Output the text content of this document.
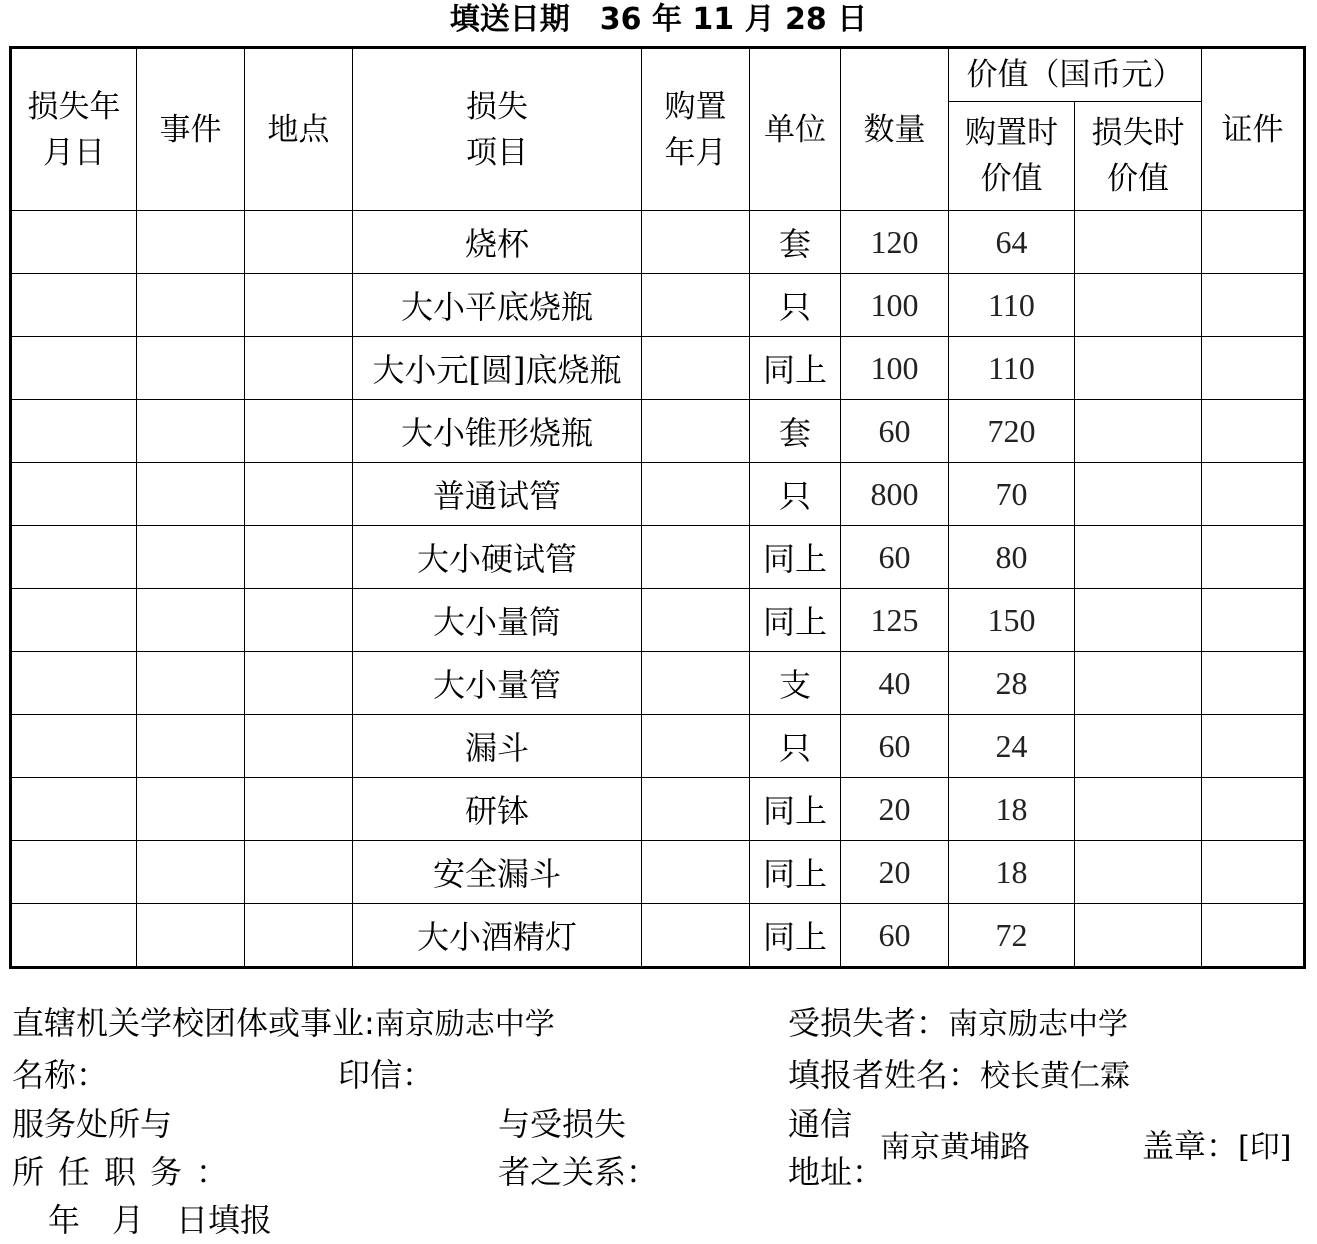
填送日期　36 年 11 月 28 日
损失年月日	事件	地点	损失项目	购置年月	单位	数量	价值（国币元）		证件
							购置时价值	损失时价值	
			烧杯		套	120	64		
			大小平底烧瓶		只	100	110		
			大小元[圆]底烧瓶		同上	100	110		
			大小锥形烧瓶		套	60	720		
			普通试管		只	800	70		
			大小硬试管		同上	60	80		
			大小量筒		同上	125	150		
			大小量管		支	40	28		
			漏斗		只	60	24		
			研钵		同上	20	18		
			安全漏斗		同上	20	18		
			大小酒精灯		同上	60	72		
直辖机关学校团体或事业:南京励志中学
名称：	印信：
服务处所与
所任职务：
与受损失
者之关系：
受损失者：南京励志中学
填报者姓名：校长黄仁霖
通信
地址：
南京黄埔路	盖章：[印]
年　月　日填报
